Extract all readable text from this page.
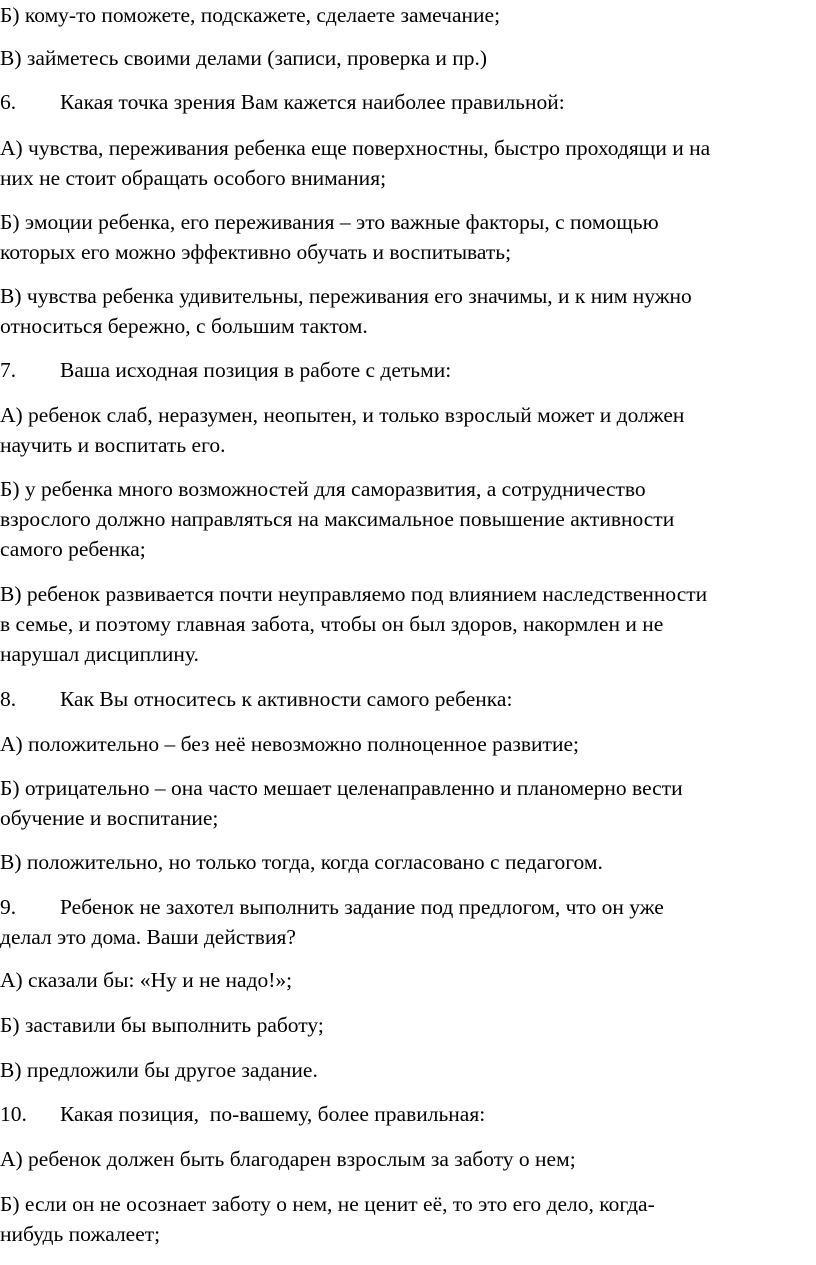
Б) кому-то поможете, подскажете, сделаете замечание;

В) займетесь своими делами (записи, проверка и пр.)

6. Какая точка зрения Вам кажется наиболее правильной:

А) чувства, переживания ребенка еще поверхностны, быстро проходящи и на
них не стоит обращать особого внимания;

Б) эмоции ребенка, его переживания – это важные факторы, с помощью
которых его можно эффективно обучать и воспитывать;

В) чувства ребенка удивительны, переживания его значимы, и к ним нужно
относиться бережно, с большим тактом.

7. Ваша исходная позиция в работе с детьми:

А) ребенок слаб, неразумен, неопытен, и только взрослый может и должен
научить и воспитать его.

Б) у ребенка много возможностей для саморазвития, а сотрудничество
взрослого должно направляться на максимальное повышение активности
самого ребенка;

В) ребенок развивается почти неуправляемо под влиянием наследственности
в семье, и поэтому главная забота, чтобы он был здоров, накормлен и не
нарушал дисциплину.

8. Как Вы относитесь к активности самого ребенка:

А) положительно – без неё невозможно полноценное развитие;

Б) отрицательно – она часто мешает целенаправленно и планомерно вести
обучение и воспитание;

В) положительно, но только тогда, когда согласовано с педагогом.

9. Ребенок не захотел выполнить задание под предлогом, что он уже
делал это дома. Ваши действия?

А) сказали бы: «Ну и не надо!»;

Б) заставили бы выполнить работу;

В) предложили бы другое задание.

10. Какая позиция,  по-вашему, более правильная:

А) ребенок должен быть благодарен взрослым за заботу о нем;

Б) если он не осознает заботу о нем, не ценит её, то это его дело, когда-
нибудь пожалеет;
